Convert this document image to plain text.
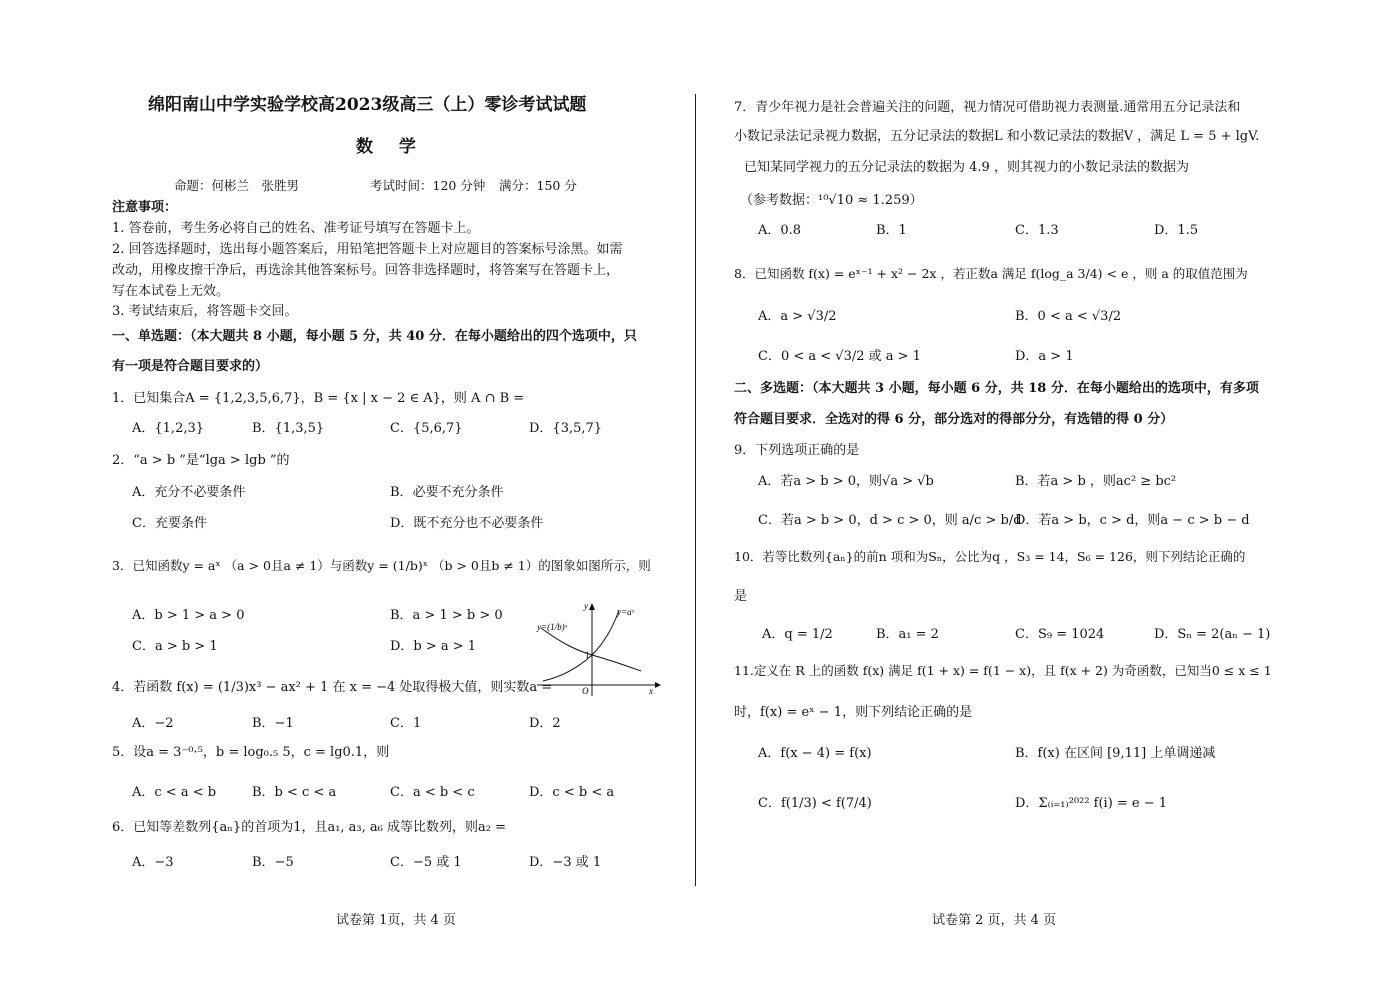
绵阳南山中学实验学校高2023级高三（上）零诊考试试题
数 学
命题：何彬兰　张胜男	考试时间：120 分钟 满分：150 分
注意事项：
1. 答卷前，考生务必将自己的姓名、准考证号填写在答题卡上。
2. 回答选择题时，选出每小题答案后，用铅笔把答题卡上对应题目的答案标号涂黑。如需
改动，用橡皮擦干净后，再选涂其他答案标号。回答非选择题时，将答案写在答题卡上，
写在本试卷上无效。
3. 考试结束后，将答题卡交回。
一、单选题：（本大题共 8 小题，每小题 5 分，共 40 分．在每小题给出的四个选项中，只
有一项是符合题目要求的）
1．已知集合A = {1,2,3,5,6,7}，B = {x | x − 2 ∈ A}，则 A ∩ B =
A．{1,2,3}	B．{1,3,5}	C．{5,6,7}	D．{3,5,7}
2．“a > b ”是“lga > lgb ”的
A．充分不必要条件	B．必要不充分条件
C．充要条件	D．既不充分也不必要条件
3．已知函数y = aˣ （a > 0且a ≠ 1）与函数y = (1/b)ˣ （b > 0且b ≠ 1）的图象如图所示，则
A．b > 1 > a > 0	B．a > 1 > b > 0
C．a > b > 1	D．b > a > 1
4．若函数 f(x) = (1/3)x³ − ax² + 1 在 x = −4 处取得极大值，则实数a =
A．−2	B．−1	C．1	D．2
5．设a = 3⁻⁰·⁵，b = log₀.₅ 5，c = lg0.1，则
A．c < a < b	B．b < c < a	C．a < b < c	D．c < b < a
6．已知等差数列{aₙ}的首项为1，且a₁, a₃, a₆ 成等比数列，则a₂ =
A．−3	B．−5	C．−5 或 1	D．−3 或 1
y=(1/b)ˣ
y=aˣ
y
x
O
1
7．青少年视力是社会普遍关注的问题，视力情况可借助视力表测量.通常用五分记录法和
小数记录法记录视力数据，五分记录法的数据L 和小数记录法的数据V ，满足 L = 5 + lgV.
已知某同学视力的五分记录法的数据为 4.9 ，则其视力的小数记录法的数据为
（参考数据：¹⁰√10 ≈ 1.259）
A．0.8	B．1	C．1.3	D．1.5
8．已知函数 f(x) = eˣ⁻¹ + x² − 2x ，若正数a 满足 f(log_a 3/4) < e ，则 a 的取值范围为
A．a > √3/2	B．0 < a < √3/2
C．0 < a < √3/2 或 a > 1	D．a > 1
二、多选题：（本大题共 3 小题，每小题 6 分，共 18 分．在每小题给出的选项中，有多项
符合题目要求．全选对的得 6 分，部分选对的得部分分，有选错的得 0 分）
9．下列选项正确的是
A．若a > b > 0，则√a > √b	B．若a > b ，则ac² ≥ bc²
C．若a > b > 0，d > c > 0，则 a/c > b/d
D．若a > b，c > d，则a − c > b − d
10．若等比数列{aₙ}的前n 项和为Sₙ，公比为q ，S₃ = 14，S₆ = 126，则下列结论正确的
是
A．q = 1/2	B．a₁ = 2	C．S₉ = 1024	D．Sₙ = 2(aₙ − 1)
11.定义在 R 上的函数 f(x) 满足 f(1 + x) = f(1 − x)，且 f(x + 2) 为奇函数，已知当0 ≤ x ≤ 1
时，f(x) = eˣ − 1，则下列结论正确的是
A．f(x − 4) = f(x)	B．f(x) 在区间 [9,11] 上单调递减
C．f(1/3) < f(7/4)	D．Σ₍ᵢ₌₁₎²⁰²² f(i) = e − 1
试卷第 1页，共 4 页	试卷第 2 页，共 4 页
